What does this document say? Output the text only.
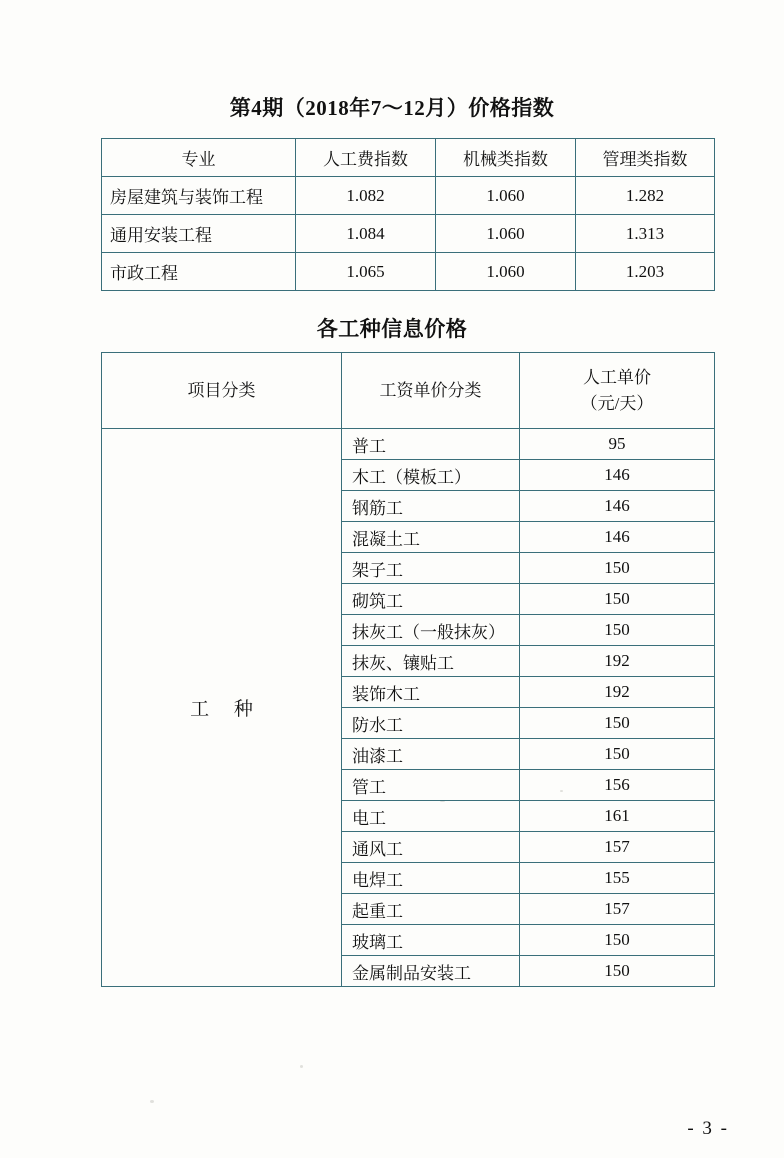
第4期（2018年7～12月）价格指数
专业	人工费指数	机械类指数	管理类指数
房屋建筑与装饰工程	1.082	1.060	1.282
通用安装工程	1.084	1.060	1.313
市政工程	1.065	1.060	1.203
各工种信息价格
项目分类	工资单价分类	人工单价
（元/天）

工 种	普工	95
	木工（模板工）	146
	钢筋工	146
	混凝土工	146
	架子工	150
	砌筑工	150
	抹灰工（一般抹灰）	150
	抹灰、镶贴工	192
	装饰木工	192
	防水工	150
	油漆工	150
	管工	156
	电工	161
	通风工	157
	电焊工	155
	起重工	157
	玻璃工	150
	金属制品安装工	150
- 3 -
